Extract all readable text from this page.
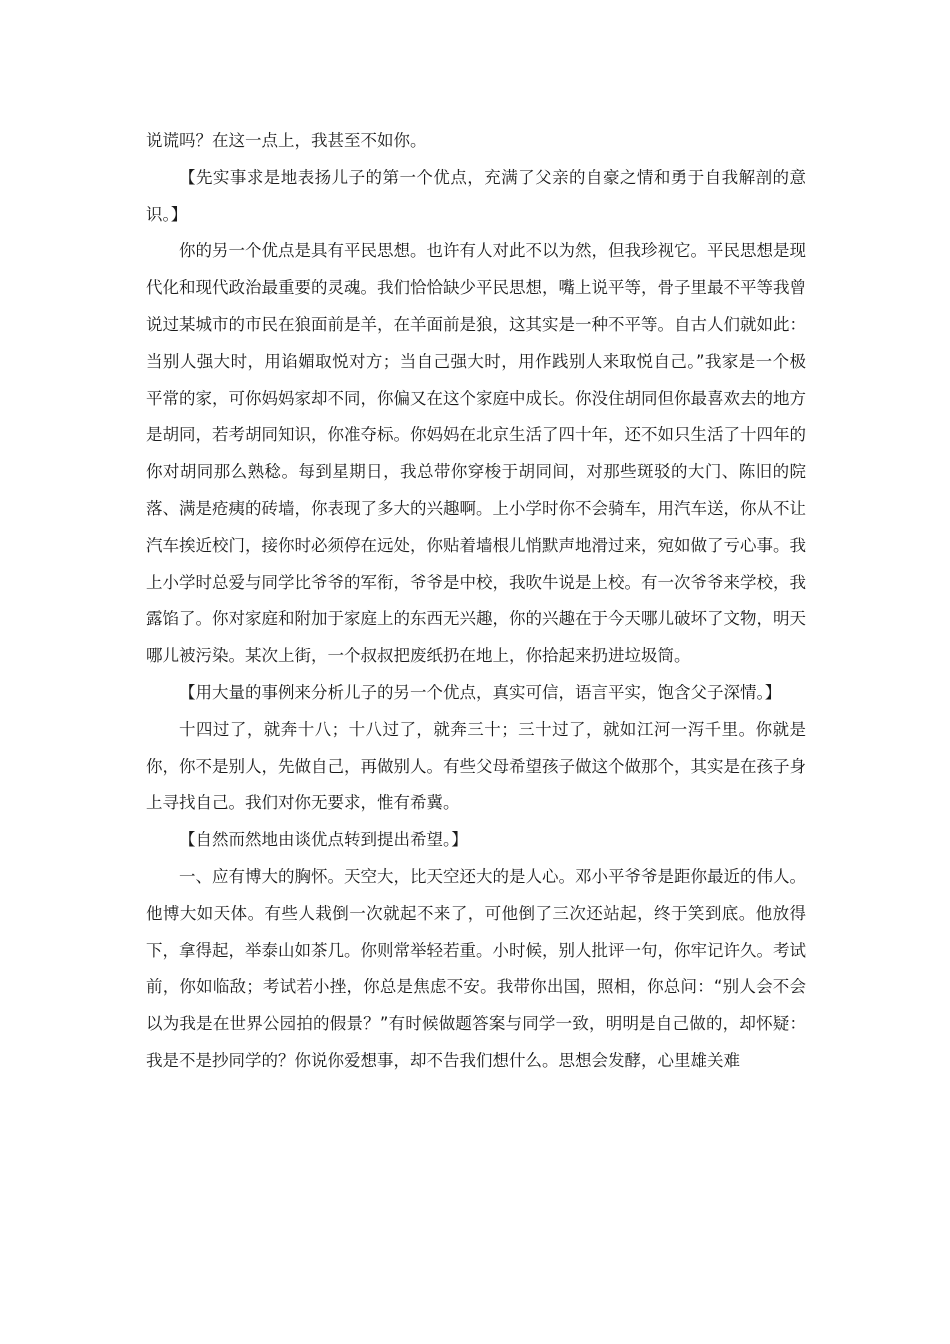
说谎吗？在这一点上，我甚至不如你。

【先实事求是地表扬儿子的第一个优点，充满了父亲的自豪之情和勇于自我解剖的意识。】

你的另一个优点是具有平民思想。也许有人对此不以为然，但我珍视它。平民思想是现代化和现代政治最重要的灵魂。我们恰恰缺少平民思想，嘴上说平等，骨子里最不平等我曾说过某城市的市民在狼面前是羊，在羊面前是狼，这其实是一种不平等。自古人们就如此：当别人强大时，用谄媚取悦对方；当自己强大时，用作践别人来取悦自己。”我家是一个极平常的家，可你妈妈家却不同，你偏又在这个家庭中成长。你没住胡同但你最喜欢去的地方是胡同，若考胡同知识，你准夺标。你妈妈在北京生活了四十年，还不如只生活了十四年的你对胡同那么熟稔。每到星期日，我总带你穿梭于胡同间，对那些斑驳的大门、陈旧的院落、满是疮痍的砖墙，你表现了多大的兴趣啊。上小学时你不会骑车，用汽车送，你从不让汽车挨近校门，接你时必须停在远处，你贴着墙根儿悄默声地滑过来，宛如做了亏心事。我上小学时总爱与同学比爷爷的军衔，爷爷是中校，我吹牛说是上校。有一次爷爷来学校，我露馅了。你对家庭和附加于家庭上的东西无兴趣，你的兴趣在于今天哪儿破坏了文物，明天哪儿被污染。某次上街，一个叔叔把废纸扔在地上，你拾起来扔进垃圾筒。

【用大量的事例来分析儿子的另一个优点，真实可信，语言平实，饱含父子深情。】

十四过了，就奔十八；十八过了，就奔三十；三十过了，就如江河一泻千里。你就是你，你不是别人，先做自己，再做别人。有些父母希望孩子做这个做那个，其实是在孩子身上寻找自己。我们对你无要求，惟有希冀。

【自然而然地由谈优点转到提出希望。】

一、应有博大的胸怀。天空大，比天空还大的是人心。邓小平爷爷是距你最近的伟人。他博大如天体。有些人栽倒一次就起不来了，可他倒了三次还站起，终于笑到底。他放得下，拿得起，举泰山如茶几。你则常举轻若重。小时候，别人批评一句，你牢记许久。考试前，你如临敌；考试若小挫，你总是焦虑不安。我带你出国，照相，你总问：“别人会不会以为我是在世界公园拍的假景？”有时候做题答案与同学一致，明明是自己做的，却怀疑：我是不是抄同学的？你说你爱想事，却不告我们想什么。思想会发酵，心里雄关难
